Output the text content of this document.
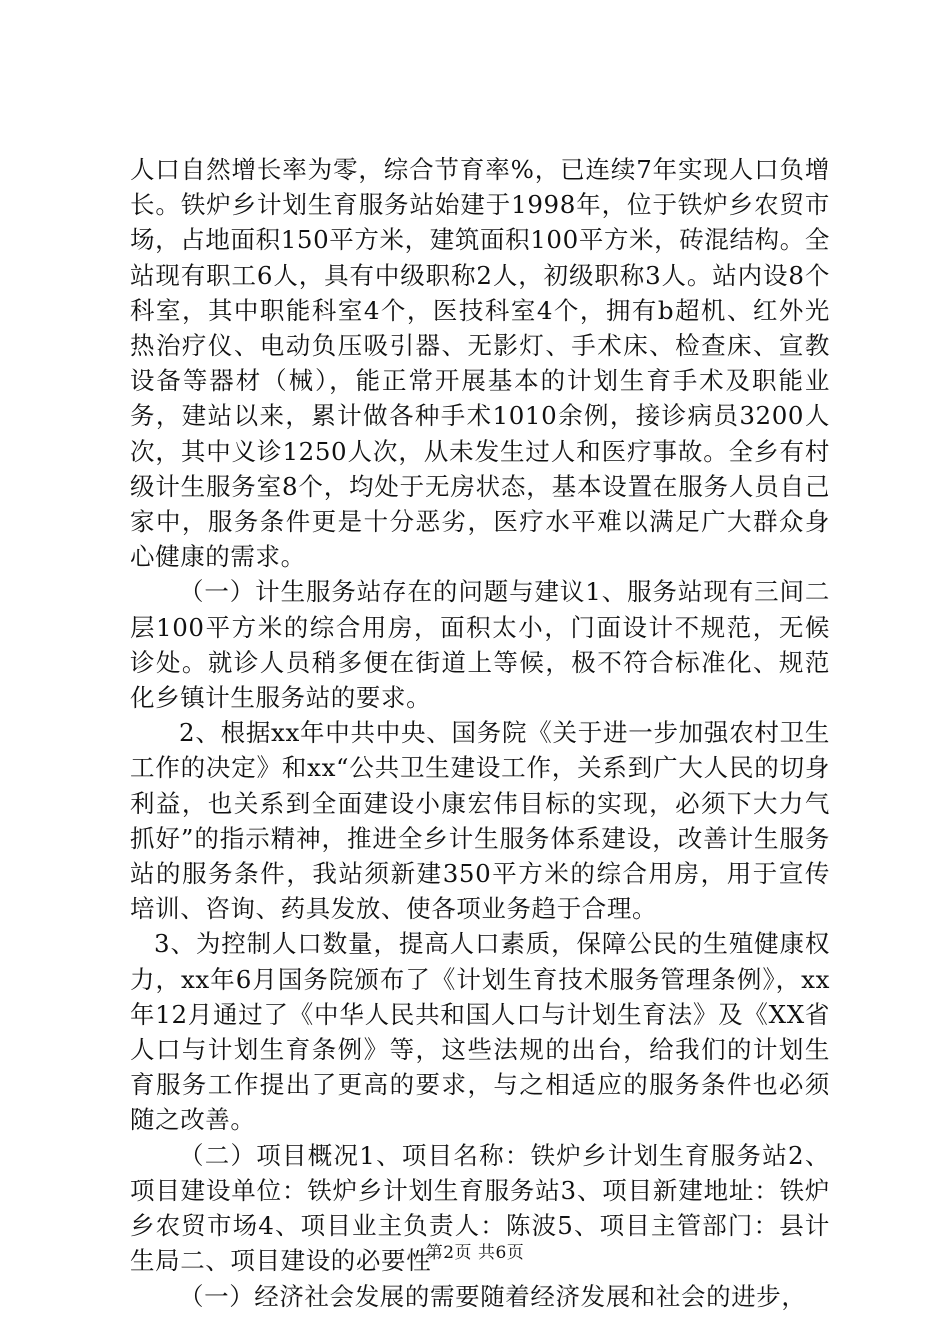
人口自然增长率为零，综合节育率%，已连续7年实现人口负增长。铁炉乡计划生育服务站始建于1998年，位于铁炉乡农贸市场，占地面积150平方米，建筑面积100平方米，砖混结构。全站现有职工6人，具有中级职称2人，初级职称3人。站内设8个科室，其中职能科室4个，医技科室4个，拥有b超机、红外光热治疗仪、电动负压吸引器、无影灯、手术床、检查床、宣教设备等器材（械），能正常开展基本的计划生育手术及职能业务，建站以来，累计做各种手术1010余例，接诊病员3200人次，其中义诊1250人次，从未发生过人和医疗事故。全乡有村级计生服务室8个，均处于无房状态，基本设置在服务人员自己家中，服务条件更是十分恶劣，医疗水平难以满足广大群众身心健康的需求。

（一）计生服务站存在的问题与建议1、服务站现有三间二层100平方米的综合用房，面积太小，门面设计不规范，无候诊处。就诊人员稍多便在街道上等候，极不符合标准化、规范化乡镇计生服务站的要求。

2、根据xx年中共中央、国务院《关于进一步加强农村卫生工作的决定》和xx“公共卫生建设工作，关系到广大人民的切身利益，也关系到全面建设小康宏伟目标的实现，必须下大力气抓好”的指示精神，推进全乡计生服务体系建设，改善计生服务站的服务条件，我站须新建350平方米的综合用房，用于宣传培训、咨询、药具发放、使各项业务趋于合理。

3、为控制人口数量，提高人口素质，保障公民的生殖健康权力，xx年6月国务院颁布了《计划生育技术服务管理条例》，xx年12月通过了《中华人民共和国人口与计划生育法》及《XX省人口与计划生育条例》等，这些法规的出台，给我们的计划生育服务工作提出了更高的要求，与之相适应的服务条件也必须随之改善。

（二）项目概况1、项目名称：铁炉乡计划生育服务站2、项目建设单位：铁炉乡计划生育服务站3、项目新建地址：铁炉乡农贸市场4、项目业主负责人：陈波5、项目主管部门：县计生局二、项目建设的必要性

（一）经济社会发展的需要随着经济发展和社会的进步，

第2页 共6页
